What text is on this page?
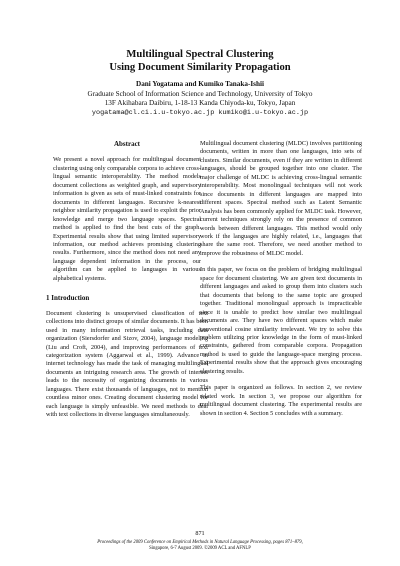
Multilingual Spectral Clustering
Using Document Similarity Propagation
Dani Yogatama and Kumiko Tanaka-Ishii
Graduate School of Information Science and Technology, University of Tokyo
13F Akihabara Daibiru, 1-18-13 Kanda Chiyoda-ku, Tokyo, Japan
yogatama@cl.ci.i.u-tokyo.ac.jp kumiko@i.u-tokyo.ac.jp
Abstract

We present a novel approach for multilingual document clustering using only comparable corpora to achieve cross-lingual semantic interoperability. The method models document collections as weighted graph, and supervisory information is given as sets of must-linked constraints for documents in different languages. Recursive k-nearest neighbor similarity propagation is used to exploit the prior knowledge and merge two language spaces. Spectral method is applied to find the best cuts of the graph. Experimental results show that using limited supervisory information, our method achieves promising clustering results. Furthermore, since the method does not need any language dependent information in the process, our algorithm can be applied to languages in various alphabetical systems.

1 Introduction

Document clustering is unsupervised classification of text collections into distinct groups of similar documents. It has been used in many information retrieval tasks, including data organization (Siersdorfer and Sizov, 2004), language modeling (Liu and Croft, 2004), and improving performances of text categorization system (Aggarwal et al., 1999). Advance in internet technology has made the task of managing multilingual documents an intriguing research area. The growth of internet leads to the necessity of organizing documents in various languages. There exist thousands of languages, not to mention countless minor ones. Creating document clustering model for each language is simply unfeasible. We need methods to deal with text collections in diverse languages simultaneously.

Multilingual document clustering (MLDC) involves partitioning documents, written in more than one languages, into sets of clusters. Similar documents, even if they are written in different languages, should be grouped together into one cluster. The major challenge of MLDC is achieving cross-lingual semantic interoperability. Most monolingual techniques will not work since documents in different languages are mapped into different spaces. Spectral method such as Latent Semantic Analysis has been commonly applied for MLDC task. However, current techniques strongly rely on the presence of common words between different languages. This method would only work if the languages are highly related, i.e., languages that share the same root. Therefore, we need another method to improve the robustness of MLDC model.

In this paper, we focus on the problem of bridging multilingual space for document clustering. We are given text documents in different languages and asked to group them into clusters such that documents that belong to the same topic are grouped together. Traditional monolingual approach is impracticable since it is unable to predict how similar two multilingual documents are. They have two different spaces which make conventional cosine similarity irrelevant. We try to solve this problem utilizing prior knowledge in the form of must-linked constraints, gathered from comparable corpora. Propagation method is used to guide the language-space merging process. Experimental results show that the approach gives encouraging clustering results.

This paper is organized as follows. In section 2, we review related work. In section 3, we propose our algorithm for multilingual document clustering. The experimental results are shown in section 4. Section 5 concludes with a summary.

871
Proceedings of the 2009 Conference on Empirical Methods in Natural Language Processing, pages 871–879,
Singapore, 6-7 August 2009. ©2009 ACL and AFNLP
